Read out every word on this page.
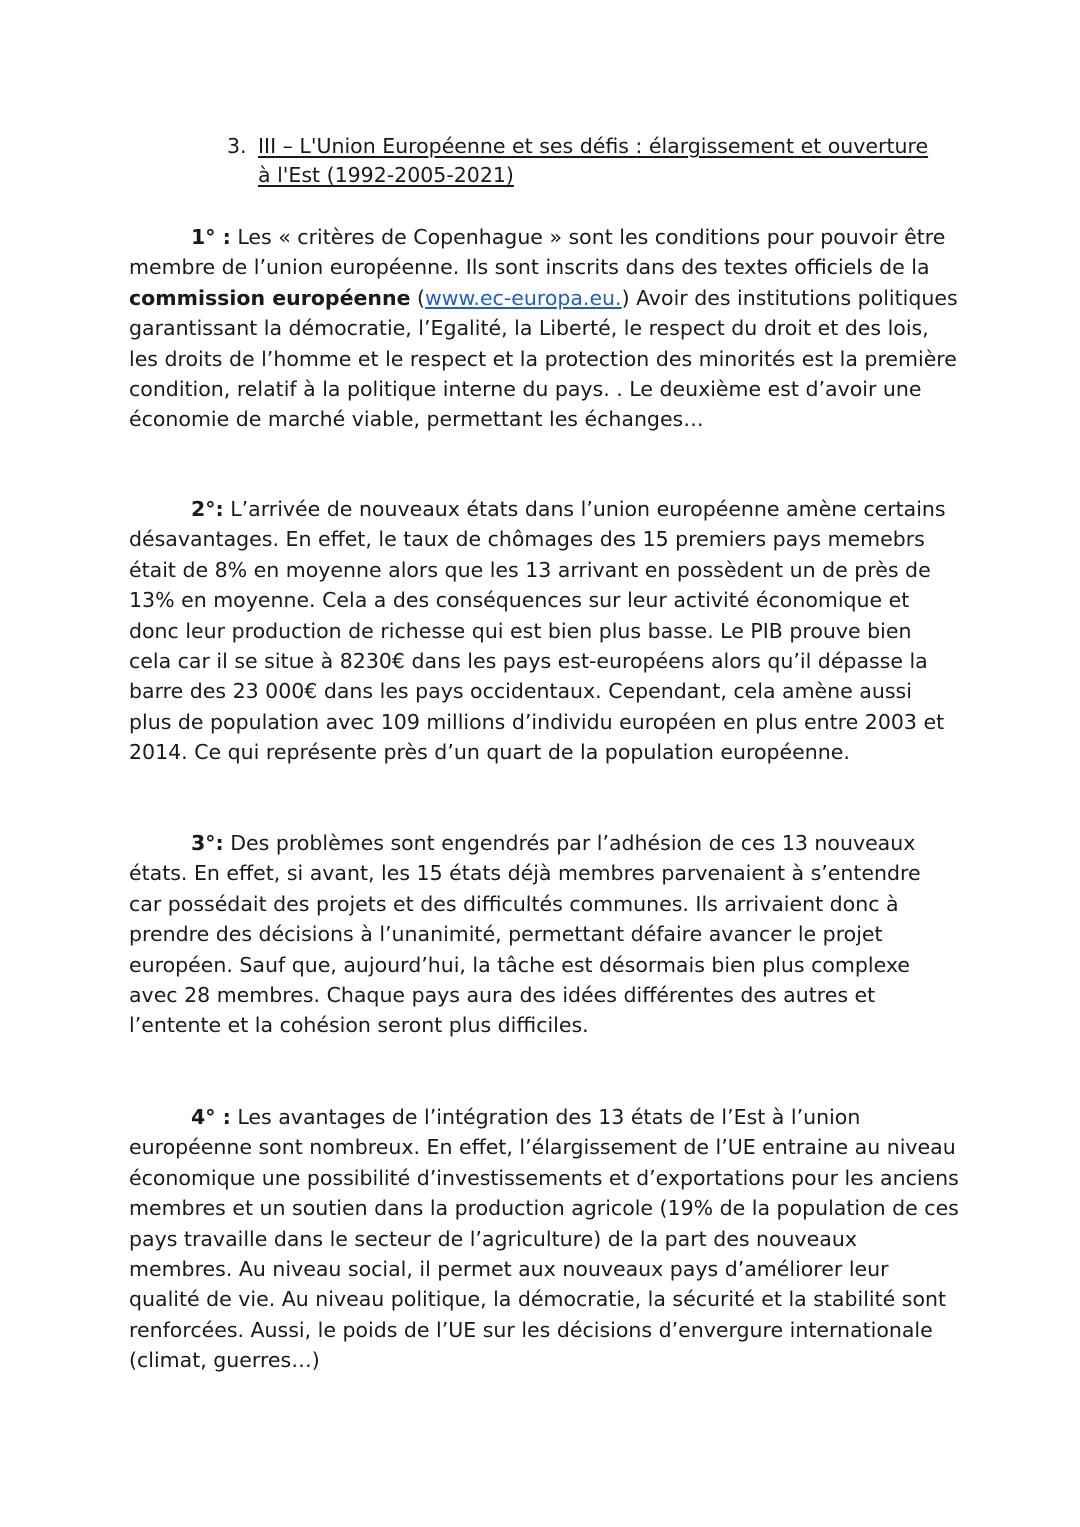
3. III – L'Union Européenne et ses défis : élargissement et ouverture
à l'Est (1992-2005-2021)

1° : Les « critères de Copenhague » sont les conditions pour pouvoir être membre de l’union européenne. Ils sont inscrits dans des textes officiels de la commission européenne (www.ec-europa.eu.) Avoir des institutions politiques garantissant la démocratie, l’Egalité, la Liberté, le respect du droit et des lois, les droits de l’homme et le respect et la protection des minorités est la première condition, relatif à la politique interne du pays. . Le deuxième est d’avoir une économie de marché viable, permettant les échanges…

2°: L’arrivée de nouveaux états dans l’union européenne amène certains désavantages. En effet, le taux de chômages des 15 premiers pays memebrs était de 8% en moyenne alors que les 13 arrivant en possèdent un de près de 13% en moyenne. Cela a des conséquences sur leur activité économique et donc leur production de richesse qui est bien plus basse. Le PIB prouve bien cela car il se situe à 8230€ dans les pays est-européens alors qu’il dépasse la barre des 23 000€ dans les pays occidentaux. Cependant, cela amène aussi plus de population avec 109 millions d’individu européen en plus entre 2003 et 2014. Ce qui représente près d’un quart de la population européenne.

3°: Des problèmes sont engendrés par l’adhésion de ces 13 nouveaux états. En effet, si avant, les 15 états déjà membres parvenaient à s’entendre car possédait des projets et des difficultés communes. Ils arrivaient donc à prendre des décisions à l’unanimité, permettant défaire avancer le projet européen. Sauf que, aujourd’hui, la tâche est désormais bien plus complexe avec 28 membres. Chaque pays aura des idées différentes des autres et l’entente et la cohésion seront plus difficiles.

4° : Les avantages de l’intégration des 13 états de l’Est à l’union européenne sont nombreux. En effet, l’élargissement de l’UE entraine au niveau économique une possibilité d’investissements et d’exportations pour les anciens membres et un soutien dans la production agricole (19% de la population de ces pays travaille dans le secteur de l’agriculture) de la part des nouveaux membres. Au niveau social, il permet aux nouveaux pays d’améliorer leur qualité de vie. Au niveau politique, la démocratie, la sécurité et la stabilité sont renforcées. Aussi, le poids de l’UE sur les décisions d’envergure internationale (climat, guerres…)
